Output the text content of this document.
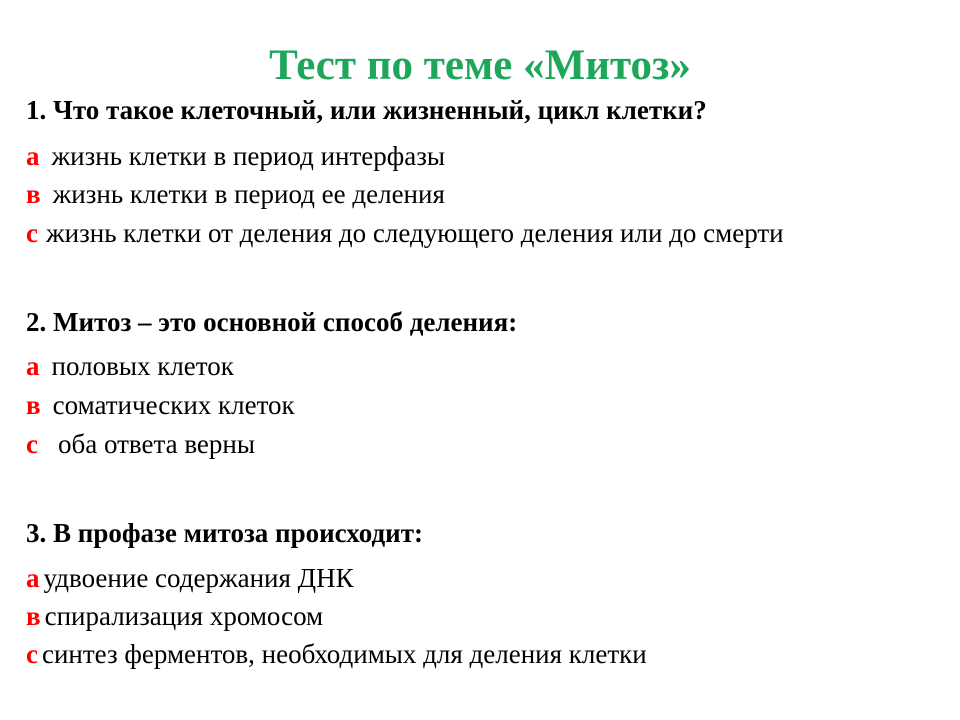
Тест по теме «Митоз»
1. Что такое клеточный, или жизненный, цикл клетки?
а жизнь клетки в период интерфазы
в жизнь клетки в период ее деления
с жизнь клетки от деления до следующего деления или до смерти
2. Митоз – это основной способ деления:
а половых клеток
в соматических клеток
с оба ответа верны
3. В профазе митоза происходит:
а удвоение содержания ДНК
в спирализация хромосом
с синтез ферментов, необходимых для деления клетки
